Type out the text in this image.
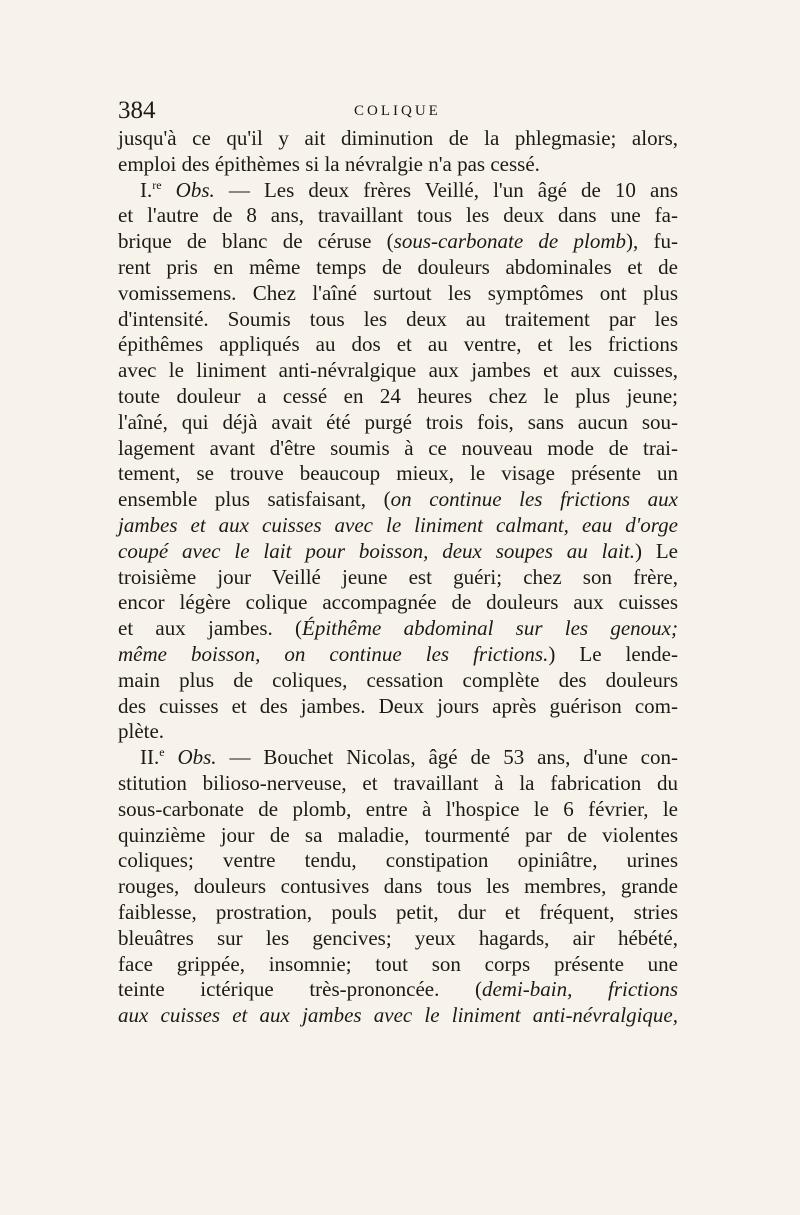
384	COLIQUE
jusqu'à ce qu'il y ait diminution de la phlegmasie; alors,
emploi des épithèmes si la névralgie n'a pas cessé.
I.$^{re}$ Obs. — Les deux frères Veillé, l'un âgé de 10 ans
et l'autre de 8 ans, travaillant tous les deux dans une fa-
brique de blanc de céruse (sous-carbonate de plomb), fu-
rent pris en même temps de douleurs abdominales et de
vomissemens. Chez l'aîné surtout les symptômes ont plus
d'intensité. Soumis tous les deux au traitement par les
épithêmes appliqués au dos et au ventre, et les frictions
avec le liniment anti-névralgique aux jambes et aux cuisses,
toute douleur a cessé en 24 heures chez le plus jeune;
l'aîné, qui déjà avait été purgé trois fois, sans aucun sou-
lagement avant d'être soumis à ce nouveau mode de trai-
tement, se trouve beaucoup mieux, le visage présente un
ensemble plus satisfaisant, (on continue les frictions aux
jambes et aux cuisses avec le liniment calmant, eau d'orge
coupé avec le lait pour boisson, deux soupes au lait.) Le
troisième jour Veillé jeune est guéri; chez son frère,
encor légère colique accompagnée de douleurs aux cuisses
et aux jambes. (Épithême abdominal sur les genoux;
même boisson, on continue les frictions.) Le lende-
main plus de coliques, cessation complète des douleurs
des cuisses et des jambes. Deux jours après guérison com-
plète.
II.$^e$ Obs. — Bouchet Nicolas, âgé de 53 ans, d'une con-
stitution bilioso-nerveuse, et travaillant à la fabrication du
sous-carbonate de plomb, entre à l'hospice le 6 février, le
quinzième jour de sa maladie, tourmenté par de violentes
coliques; ventre tendu, constipation opiniâtre, urines
rouges, douleurs contusives dans tous les membres, grande
faiblesse, prostration, pouls petit, dur et fréquent, stries
bleuâtres sur les gencives; yeux hagards, air hébété,
face grippée, insomnie; tout son corps présente une
teinte ictérique très-prononcée. (demi-bain, frictions
aux cuisses et aux jambes avec le liniment anti-névralgique,
